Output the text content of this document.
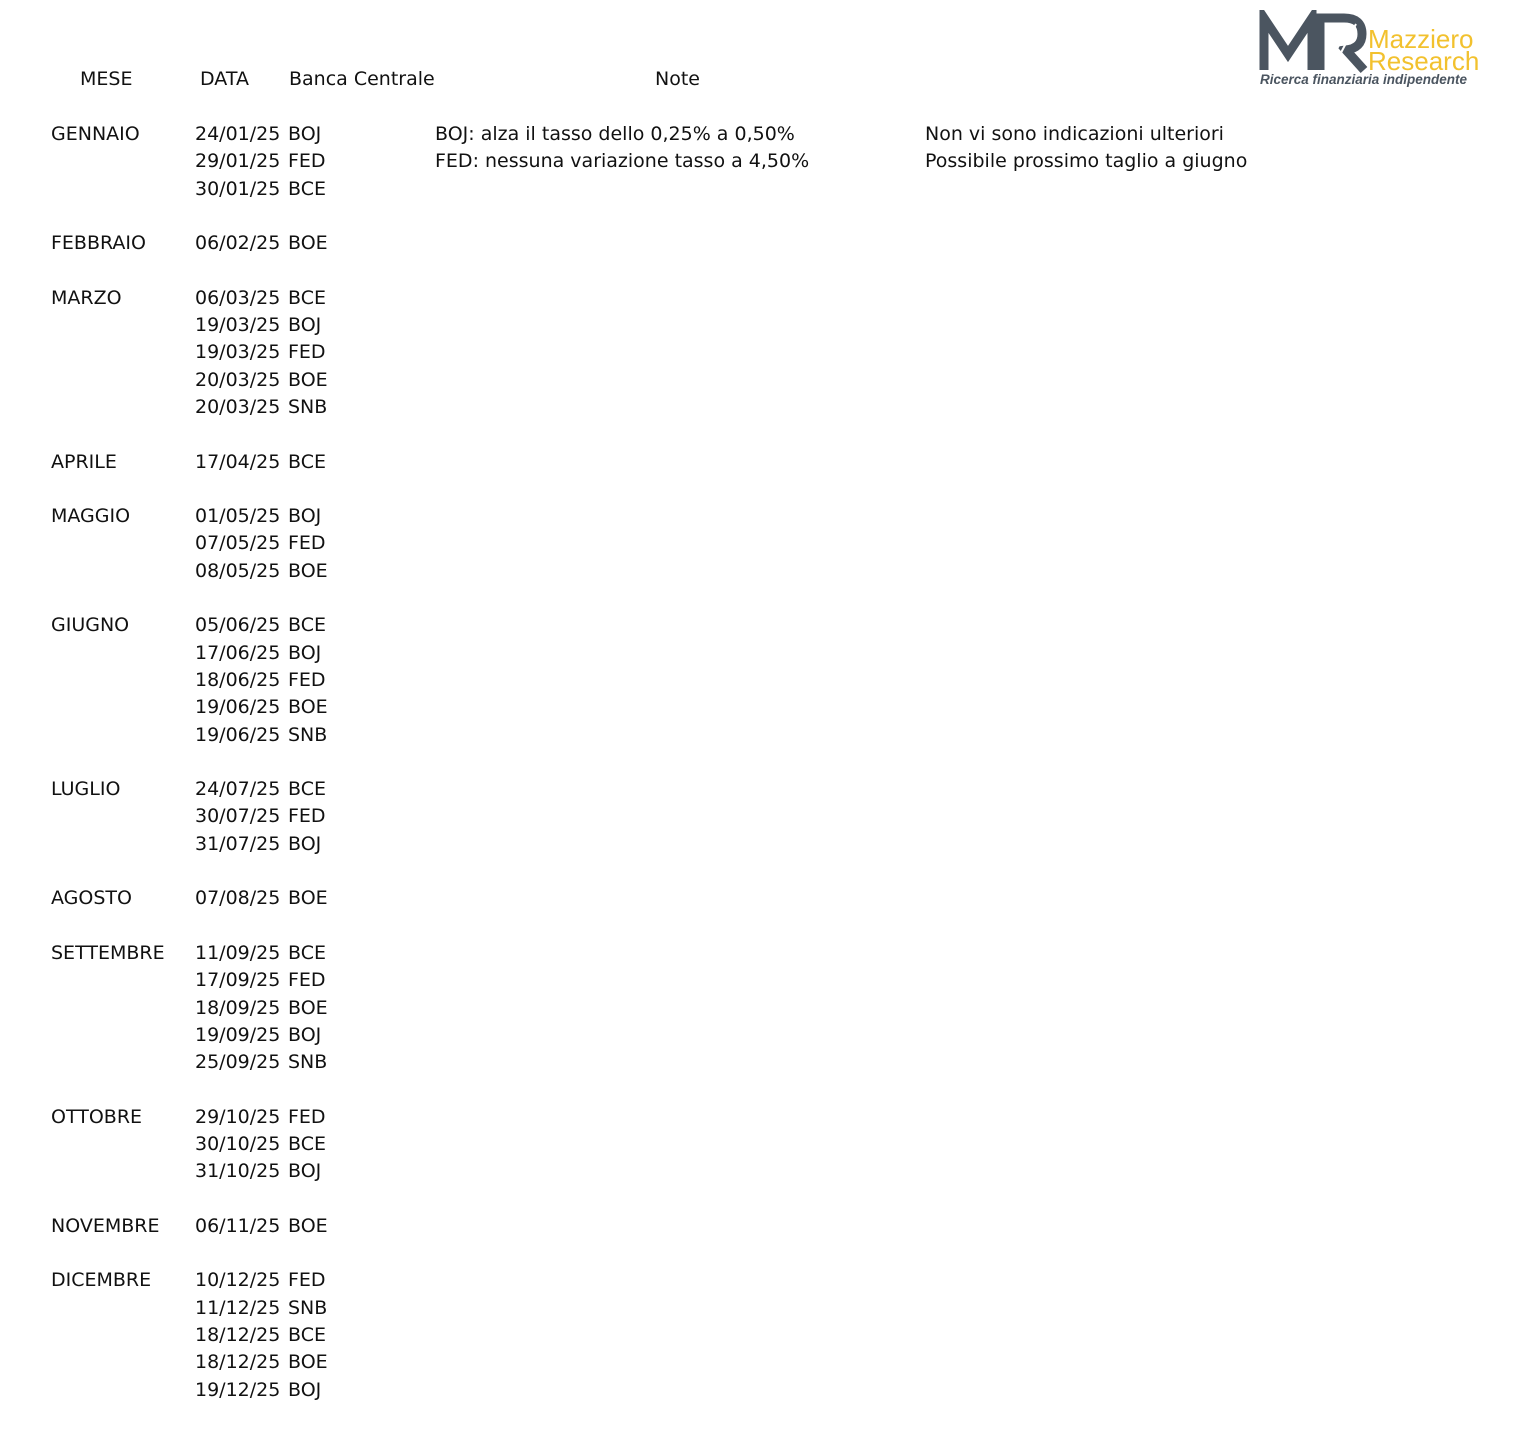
Mazziero
Research
Ricerca finanziaria indipendente
MESE	DATA Banca Centrale	Note
GENNAIO	24/01/25 BOJ	BOJ: alza il tasso dello 0,25% a 0,50%	Non vi sono indicazioni ulteriori
29/01/25 FED	FED: nessuna variazione tasso a 4,50%	Possibile prossimo taglio a giugno
30/01/25 BCE
FEBBRAIO	06/02/25 BOE
MARZO	06/03/25 BCE
19/03/25 BOJ
19/03/25 FED
20/03/25 BOE
20/03/25 SNB
APRILE	17/04/25 BCE
MAGGIO	01/05/25 BOJ
07/05/25 FED
08/05/25 BOE
GIUGNO	05/06/25 BCE
17/06/25 BOJ
18/06/25 FED
19/06/25 BOE
19/06/25 SNB
LUGLIO	24/07/25 BCE
30/07/25 FED
31/07/25 BOJ
AGOSTO	07/08/25 BOE
SETTEMBRE 11/09/25 BCE
17/09/25 FED
18/09/25 BOE
19/09/25 BOJ
25/09/25 SNB
OTTOBRE	29/10/25 FED
30/10/25 BCE
31/10/25 BOJ
NOVEMBRE 06/11/25 BOE
DICEMBRE 10/12/25 FED
11/12/25 SNB
18/12/25 BCE
18/12/25 BOE
19/12/25 BOJ
